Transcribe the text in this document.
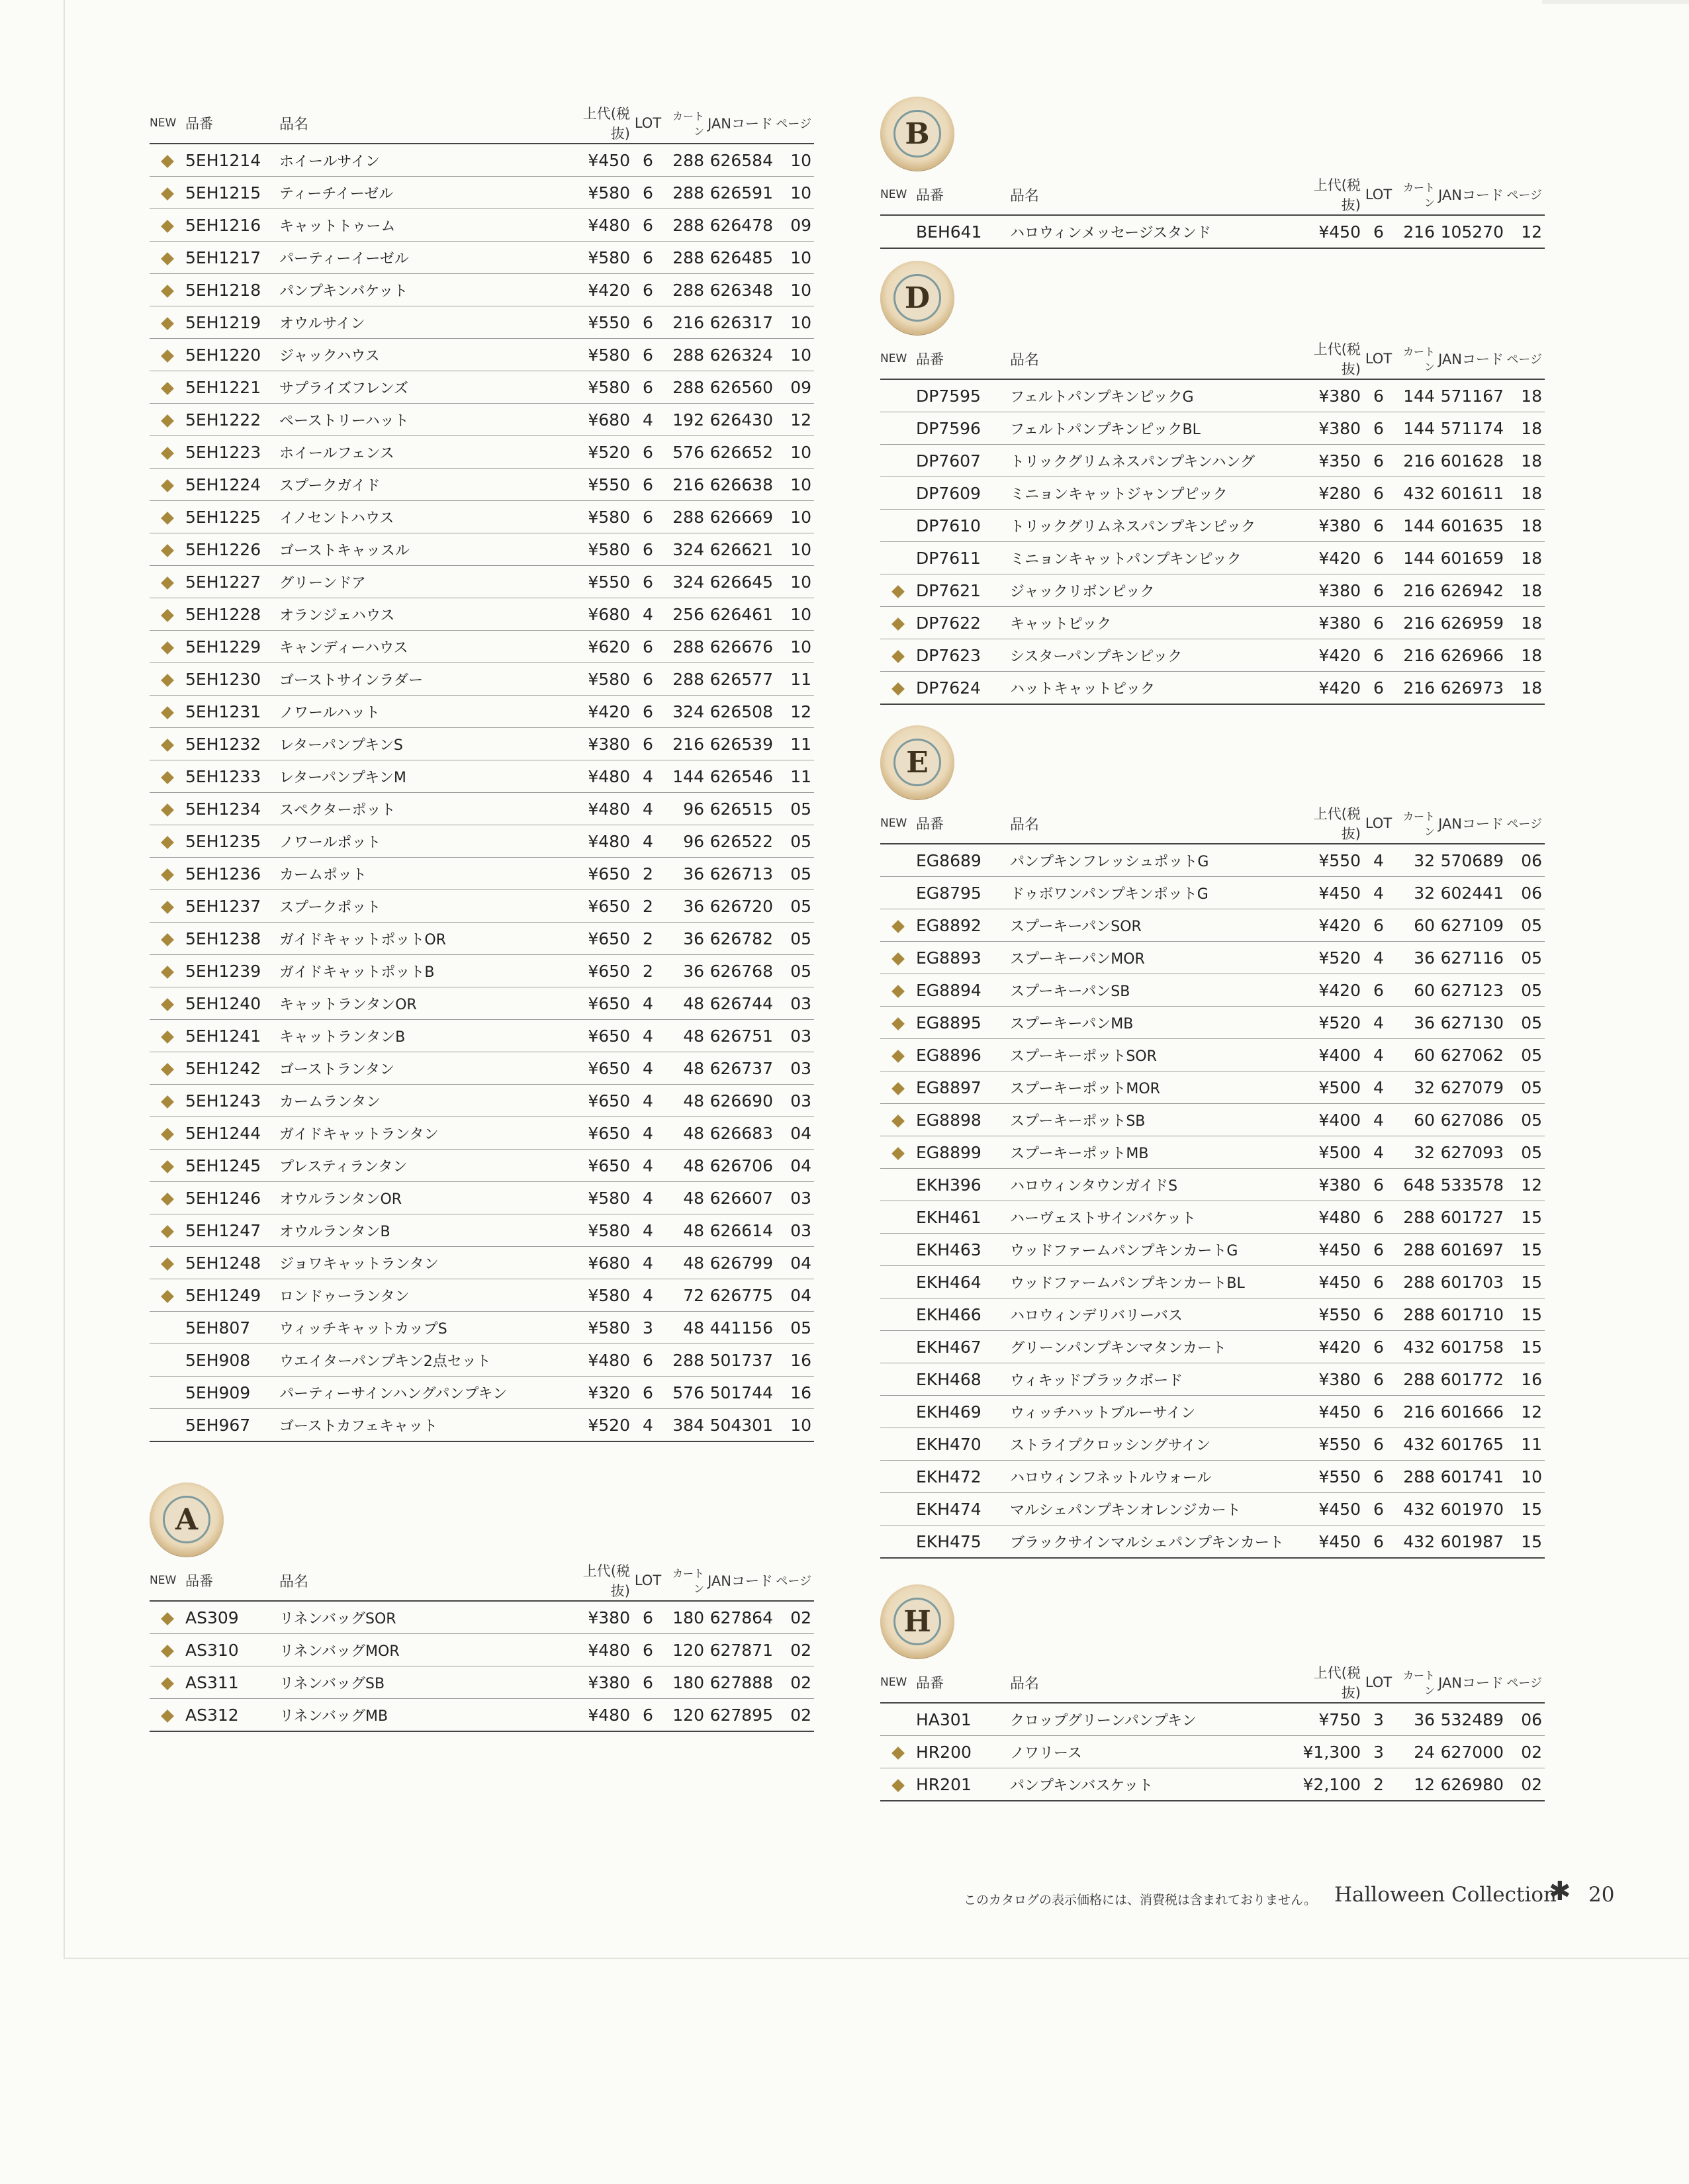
NEW	品番	品名	上代(税抜)	LOT	カートン	JANコード	ページ
	5EH1214	ホイールサイン	¥450	6	288	626584	10
	5EH1215	ティーチイーゼル	¥580	6	288	626591	10
	5EH1216	キャットトゥーム	¥480	6	288	626478	09
	5EH1217	パーティーイーゼル	¥580	6	288	626485	10
	5EH1218	パンプキンバケット	¥420	6	288	626348	10
	5EH1219	オウルサイン	¥550	6	216	626317	10
	5EH1220	ジャックハウス	¥580	6	288	626324	10
	5EH1221	サプライズフレンズ	¥580	6	288	626560	09
	5EH1222	ペーストリーハット	¥680	4	192	626430	12
	5EH1223	ホイールフェンス	¥520	6	576	626652	10
	5EH1224	スプークガイド	¥550	6	216	626638	10
	5EH1225	イノセントハウス	¥580	6	288	626669	10
	5EH1226	ゴーストキャッスル	¥580	6	324	626621	10
	5EH1227	グリーンドア	¥550	6	324	626645	10
	5EH1228	オランジェハウス	¥680	4	256	626461	10
	5EH1229	キャンディーハウス	¥620	6	288	626676	10
	5EH1230	ゴーストサインラダー	¥580	6	288	626577	11
	5EH1231	ノワールハット	¥420	6	324	626508	12
	5EH1232	レターパンプキンS	¥380	6	216	626539	11
	5EH1233	レターパンプキンM	¥480	4	144	626546	11
	5EH1234	スペクターポット	¥480	4	96	626515	05
	5EH1235	ノワールポット	¥480	4	96	626522	05
	5EH1236	カームポット	¥650	2	36	626713	05
	5EH1237	スプークポット	¥650	2	36	626720	05
	5EH1238	ガイドキャットポットOR	¥650	2	36	626782	05
	5EH1239	ガイドキャットポットB	¥650	2	36	626768	05
	5EH1240	キャットランタンOR	¥650	4	48	626744	03
	5EH1241	キャットランタンB	¥650	4	48	626751	03
	5EH1242	ゴーストランタン	¥650	4	48	626737	03
	5EH1243	カームランタン	¥650	4	48	626690	03
	5EH1244	ガイドキャットランタン	¥650	4	48	626683	04
	5EH1245	プレスティランタン	¥650	4	48	626706	04
	5EH1246	オウルランタンOR	¥580	4	48	626607	03
	5EH1247	オウルランタンB	¥580	4	48	626614	03
	5EH1248	ジョワキャットランタン	¥680	4	48	626799	04
	5EH1249	ロンドゥーランタン	¥580	4	72	626775	04
	5EH807	ウィッチキャットカップS	¥580	3	48	441156	05
	5EH908	ウエイターパンプキン2点セット	¥480	6	288	501737	16
	5EH909	パーティーサインハングパンプキン	¥320	6	576	501744	16
	5EH967	ゴーストカフェキャット	¥520	4	384	504301	10
A
NEW	品番	品名	上代(税抜)	LOT	カートン	JANコード	ページ
	AS309	リネンバッグSOR	¥380	6	180	627864	02
	AS310	リネンバッグMOR	¥480	6	120	627871	02
	AS311	リネンバッグSB	¥380	6	180	627888	02
	AS312	リネンバッグMB	¥480	6	120	627895	02
B
NEW	品番	品名	上代(税抜)	LOT	カートン	JANコード	ページ
	BEH641	ハロウィンメッセージスタンド	¥450	6	216	105270	12
D
NEW	品番	品名	上代(税抜)	LOT	カートン	JANコード	ページ
	DP7595	フェルトパンプキンピックG	¥380	6	144	571167	18
	DP7596	フェルトパンプキンピックBL	¥380	6	144	571174	18
	DP7607	トリックグリムネスパンプキンハング	¥350	6	216	601628	18
	DP7609	ミニョンキャットジャンプピック	¥280	6	432	601611	18
	DP7610	トリックグリムネスパンプキンピック	¥380	6	144	601635	18
	DP7611	ミニョンキャットパンプキンピック	¥420	6	144	601659	18
	DP7621	ジャックリボンピック	¥380	6	216	626942	18
	DP7622	キャットピック	¥380	6	216	626959	18
	DP7623	シスターパンプキンピック	¥420	6	216	626966	18
	DP7624	ハットキャットピック	¥420	6	216	626973	18
E
NEW	品番	品名	上代(税抜)	LOT	カートン	JANコード	ページ
	EG8689	パンプキンフレッシュポットG	¥550	4	32	570689	06
	EG8795	ドゥボワンパンプキンポットG	¥450	4	32	602441	06
	EG8892	スプーキーパンSOR	¥420	6	60	627109	05
	EG8893	スプーキーパンMOR	¥520	4	36	627116	05
	EG8894	スプーキーパンSB	¥420	6	60	627123	05
	EG8895	スプーキーパンMB	¥520	4	36	627130	05
	EG8896	スプーキーポットSOR	¥400	4	60	627062	05
	EG8897	スプーキーポットMOR	¥500	4	32	627079	05
	EG8898	スプーキーポットSB	¥400	4	60	627086	05
	EG8899	スプーキーポットMB	¥500	4	32	627093	05
	EKH396	ハロウィンタウンガイドS	¥380	6	648	533578	12
	EKH461	ハーヴェストサインバケット	¥480	6	288	601727	15
	EKH463	ウッドファームパンプキンカートG	¥450	6	288	601697	15
	EKH464	ウッドファームパンプキンカートBL	¥450	6	288	601703	15
	EKH466	ハロウィンデリバリーバス	¥550	6	288	601710	15
	EKH467	グリーンパンプキンマタンカート	¥420	6	432	601758	15
	EKH468	ウィキッドブラックボード	¥380	6	288	601772	16
	EKH469	ウィッチハットブルーサイン	¥450	6	216	601666	12
	EKH470	ストライプクロッシングサイン	¥550	6	432	601765	11
	EKH472	ハロウィンフネットルウォール	¥550	6	288	601741	10
	EKH474	マルシェパンプキンオレンジカート	¥450	6	432	601970	15
	EKH475	ブラックサインマルシェパンプキンカート	¥450	6	432	601987	15
H
NEW	品番	品名	上代(税抜)	LOT	カートン	JANコード	ページ
	HA301	クロップグリーンパンプキン	¥750	3	36	532489	06
	HR200	ノワリース	¥1,300	3	24	627000	02
	HR201	パンプキンバスケット	¥2,100	2	12	626980	02
このカタログの表示価格には、消費税は含まれておりません。 Halloween Collection
✱ 20
